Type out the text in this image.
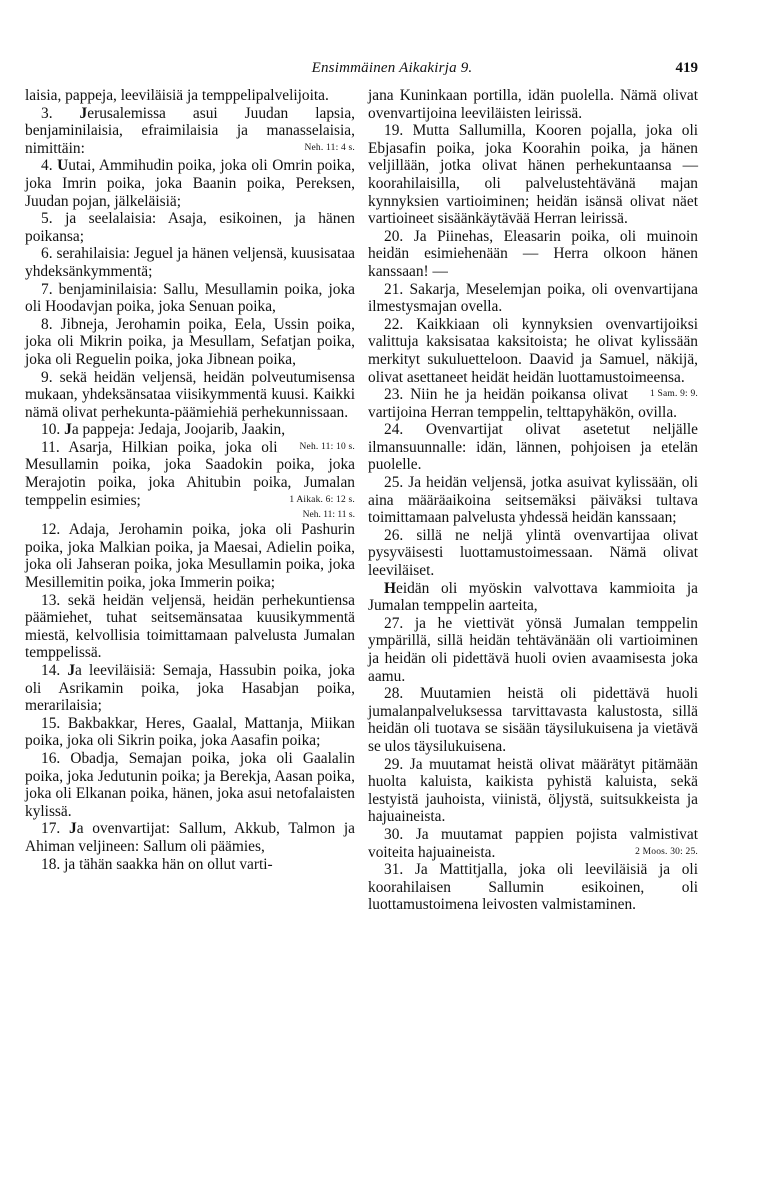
Ensimmäinen Aikakirja 9.	419

laisia, pappeja, leeviläisiä ja temppelipalvelijoita.

3. Jerusalemissa asui Juudan lapsia, benjaminilaisia, efraimilaisia ja manasselaisia, nimittäin:	Neh. 11: 4 s.

4. Uutai, Ammihudin poika, joka oli Omrin poika, joka Imrin poika, joka Baanin poika, Pereksen, Juudan pojan, jälkeläisiä;

5. ja seelalaisia: Asaja, esikoinen, ja hänen poikansa;

6. serahilaisia: Jeguel ja hänen veljensä, kuusisataa yhdeksänkymmentä;

7. benjaminilaisia: Sallu, Mesullamin poika, joka oli Hoodavjan poika, joka Senuan poika,

8. Jibneja, Jerohamin poika, Eela, Ussin poika, joka oli Mikrin poika, ja Mesullam, Sefatjan poika, joka oli Reguelin poika, joka Jibnean poika,

9. sekä heidän veljensä, heidän polveutumisensa mukaan, yhdeksänsataa viisikymmentä kuusi. Kaikki nämä olivat perhekunta-päämiehiä perhekunnissaan.

10. Ja pappeja: Jedaja, Joojarib, Jaakin,
Neh. 11: 10 s.

11. Asarja, Hilkian poika, joka oli Mesullamin poika, joka Saadokin poika, joka Merajotin poika, joka Ahitubin poika, Jumalan temppelin esimies;	1 Aikak. 6: 12 s.

Neh. 11: 11 s.

12. Adaja, Jerohamin poika, joka oli Pashurin poika, joka Malkian poika, ja Maesai, Adielin poika, joka oli Jahseran poika, joka Mesullamin poika, joka Mesillemitin poika, joka Immerin poika;

13. sekä heidän veljensä, heidän perhekuntiensa päämiehet, tuhat seitsemänsataa kuusikymmentä miestä, kelvollisia toimittamaan palvelusta Jumalan temppelissä.

14. Ja leeviläisiä: Semaja, Hassubin poika, joka oli Asrikamin poika, joka Hasabjan poika, merarilaisia;

15. Bakbakkar, Heres, Gaalal, Mattanja, Miikan poika, joka oli Sikrin poika, joka Aasafin poika;

16. Obadja, Semajan poika, joka oli Gaalalin poika, joka Jedutunin poika; ja Berekja, Aasan poika, joka oli Elkanan poika, hänen, joka asui netofalaisten kylissä.

17. Ja ovenvartijat: Sallum, Akkub, Talmon ja Ahiman veljineen: Sallum oli päämies,

18. ja tähän saakka hän on ollut varti-

jana Kuninkaan portilla, idän puolella. Nämä olivat ovenvartijoina leeviläisten leirissä.

19. Mutta Sallumilla, Kooren pojalla, joka oli Ebjasafin poika, joka Koorahin poika, ja hänen veljillään, jotka olivat hänen perhekuntaansa — koorahilaisilla, oli palvelustehtävänä majan kynnyksien vartioiminen; heidän isänsä olivat näet vartioineet sisäänkäytävää Herran leirissä.

20. Ja Piinehas, Eleasarin poika, oli muinoin heidän esimiehenään — Herra olkoon hänen kanssaan! —

21. Sakarja, Meselemjan poika, oli ovenvartijana ilmestysmajan ovella.

22. Kaikkiaan oli kynnyksien ovenvartijoiksi valittuja kaksisataa kaksitoista; he olivat kylissään merkityt sukuluetteloon. Daavid ja Samuel, näkijä, olivat asettaneet heidät heidän luottamustoimeensa.
1 Sam. 9: 9.

23. Niin he ja heidän poikansa olivat vartijoina Herran temppelin, telttapyhäkön, ovilla.

24. Ovenvartijat olivat asetetut neljälle ilmansuunnalle: idän, lännen, pohjoisen ja etelän puolelle.

25. Ja heidän veljensä, jotka asuivat kylissään, oli aina määräaikoina seitsemäksi päiväksi tultava toimittamaan palvelusta yhdessä heidän kanssaan;

26. sillä ne neljä ylintä ovenvartijaa olivat pysyväisesti luottamustoimessaan. Nämä olivat leeviläiset.

Heidän oli myöskin valvottava kammioita ja Jumalan temppelin aarteita,

27. ja he viettivät yönsä Jumalan temppelin ympärillä, sillä heidän tehtävänään oli vartioiminen ja heidän oli pidettävä huoli ovien avaamisesta joka aamu.

28. Muutamien heistä oli pidettävä huoli jumalanpalveluksessa tarvittavasta kalustosta, sillä heidän oli tuotava se sisään täysilukuisena ja vietävä se ulos täysilukuisena.

29. Ja muutamat heistä olivat määrätyt pitämään huolta kaluista, kaikista pyhistä kaluista, sekä lestyistä jauhoista, viinistä, öljystä, suitsukkeista ja hajuaineista.

30. Ja muutamat pappien pojista valmistivat voiteita hajuaineista.	2 Moos. 30: 25.

31. Ja Mattitjalla, joka oli leeviläisiä ja oli koorahilaisen Sallumin esikoinen, oli luottamustoimena leivosten valmistaminen.
